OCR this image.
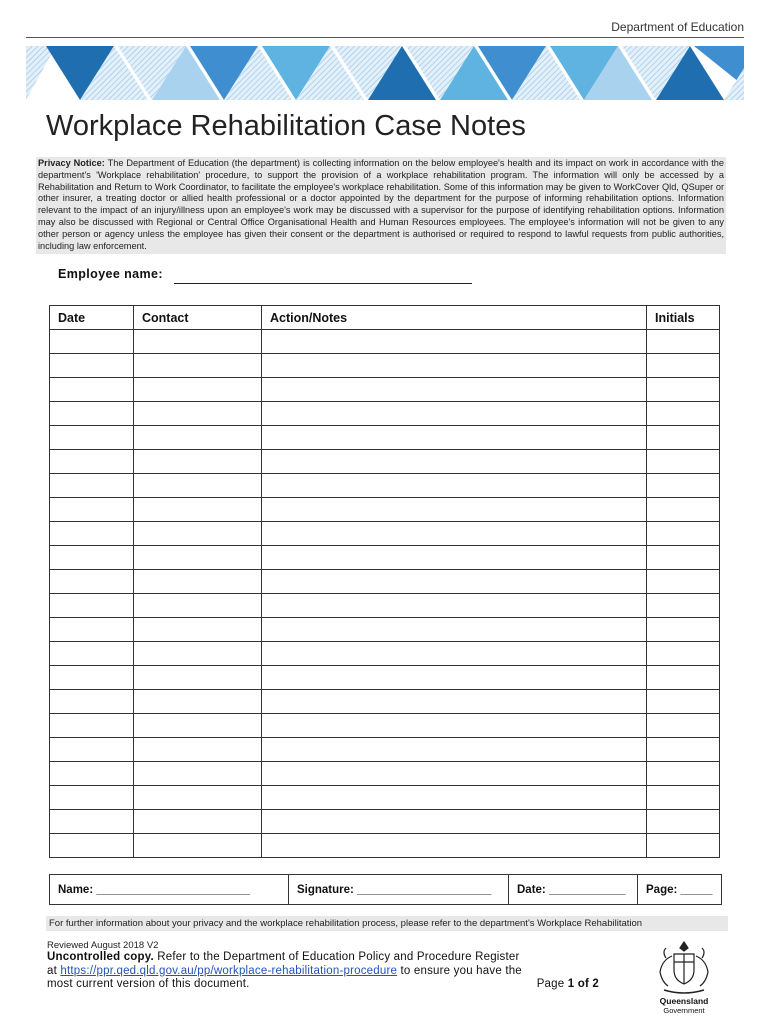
Department of Education
Workplace Rehabilitation Case Notes
Privacy Notice: The Department of Education (the department) is collecting information on the below employee's health and its impact on work in accordance with the department's 'Workplace rehabilitation' procedure, to support the provision of a workplace rehabilitation program. The information will only be accessed by a Rehabilitation and Return to Work Coordinator, to facilitate the employee's workplace rehabilitation. Some of this information may be given to WorkCover Qld, QSuper or other insurer, a treating doctor or allied health professional or a doctor appointed by the department for the purpose of informing rehabilitation options. Information relevant to the impact of an injury/illness upon an employee's work may be discussed with a supervisor for the purpose of identifying rehabilitation options. Information may also be discussed with Regional or Central Office Organisational Health and Human Resources employees. The employee's information will not be given to any other person or agency unless the employee has given their consent or the department is authorised or required to respond to lawful requests from public authorities, including law enforcement.
Employee name:
Date	Contact	Action/Notes	Initials

Name: ________________________	Signature: _____________________	Date: ____________	Page: _____
For further information about your privacy and the workplace rehabilitation process, please refer to the department's Workplace Rehabilitation
Reviewed August 2018 V2
Uncontrolled copy. Refer to the Department of Education Policy and Procedure Register
at https://ppr.qed.qld.gov.au/pp/workplace-rehabilitation-procedure to ensure you have the
most current version of this document.	Page 1 of 2
Queensland
Government
